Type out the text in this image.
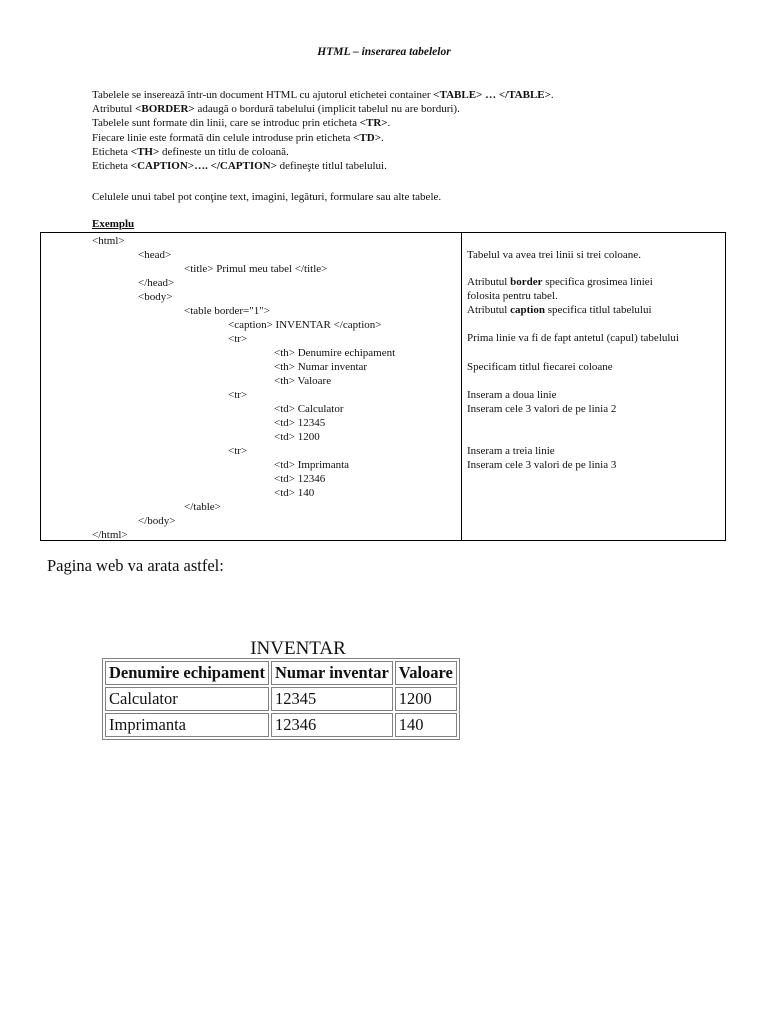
HTML – inserarea tabelelor

Tabelele se inserează într-un document HTML cu ajutorul etichetei container <TABLE> … </TABLE>.

Atributul <BORDER> adaugă o bordură tabelului (implicit tabelul nu are borduri).

Tabelele sunt formate din linii, care se introduc prin eticheta <TR>.

Fiecare linie este formată din celule introduse prin eticheta <TD>.

Eticheta <TH> defineste un titlu de coloană.

Eticheta <CAPTION>…. </CAPTION> defineşte titlul tabelului.

Celulele unui tabel pot conţine text, imagini, legături, formulare sau alte tabele.
Exemplu
<html>
<head>
<title> Primul meu tabel </title>
</head>
<body>
<table border="1">
<caption> INVENTAR </caption>
<tr>
<th> Denumire echipament
<th> Numar inventar
<th> Valoare
<tr>
<td> Calculator
<td> 12345
<td> 1200
<tr>
<td> Imprimanta
<td> 12346
<td> 140
</table>
</body>
</html>
Tabelul va avea trei linii si trei coloane.
Atributul border specifica grosimea liniei
folosita pentru tabel.
Atributul caption specifica titlul tabelului
Prima linie va fi de fapt antetul (capul) tabelului
Specificam titlul fiecarei coloane
Inseram a doua linie
Inseram cele 3 valori de pe linia 2
Inseram a treia linie
Inseram cele 3 valori de pe linia 3
Pagina web va arata astfel:
INVENTAR
Denumire echipament	Numar inventar	Valoare
Calculator	12345	1200
Imprimanta	12346	140
